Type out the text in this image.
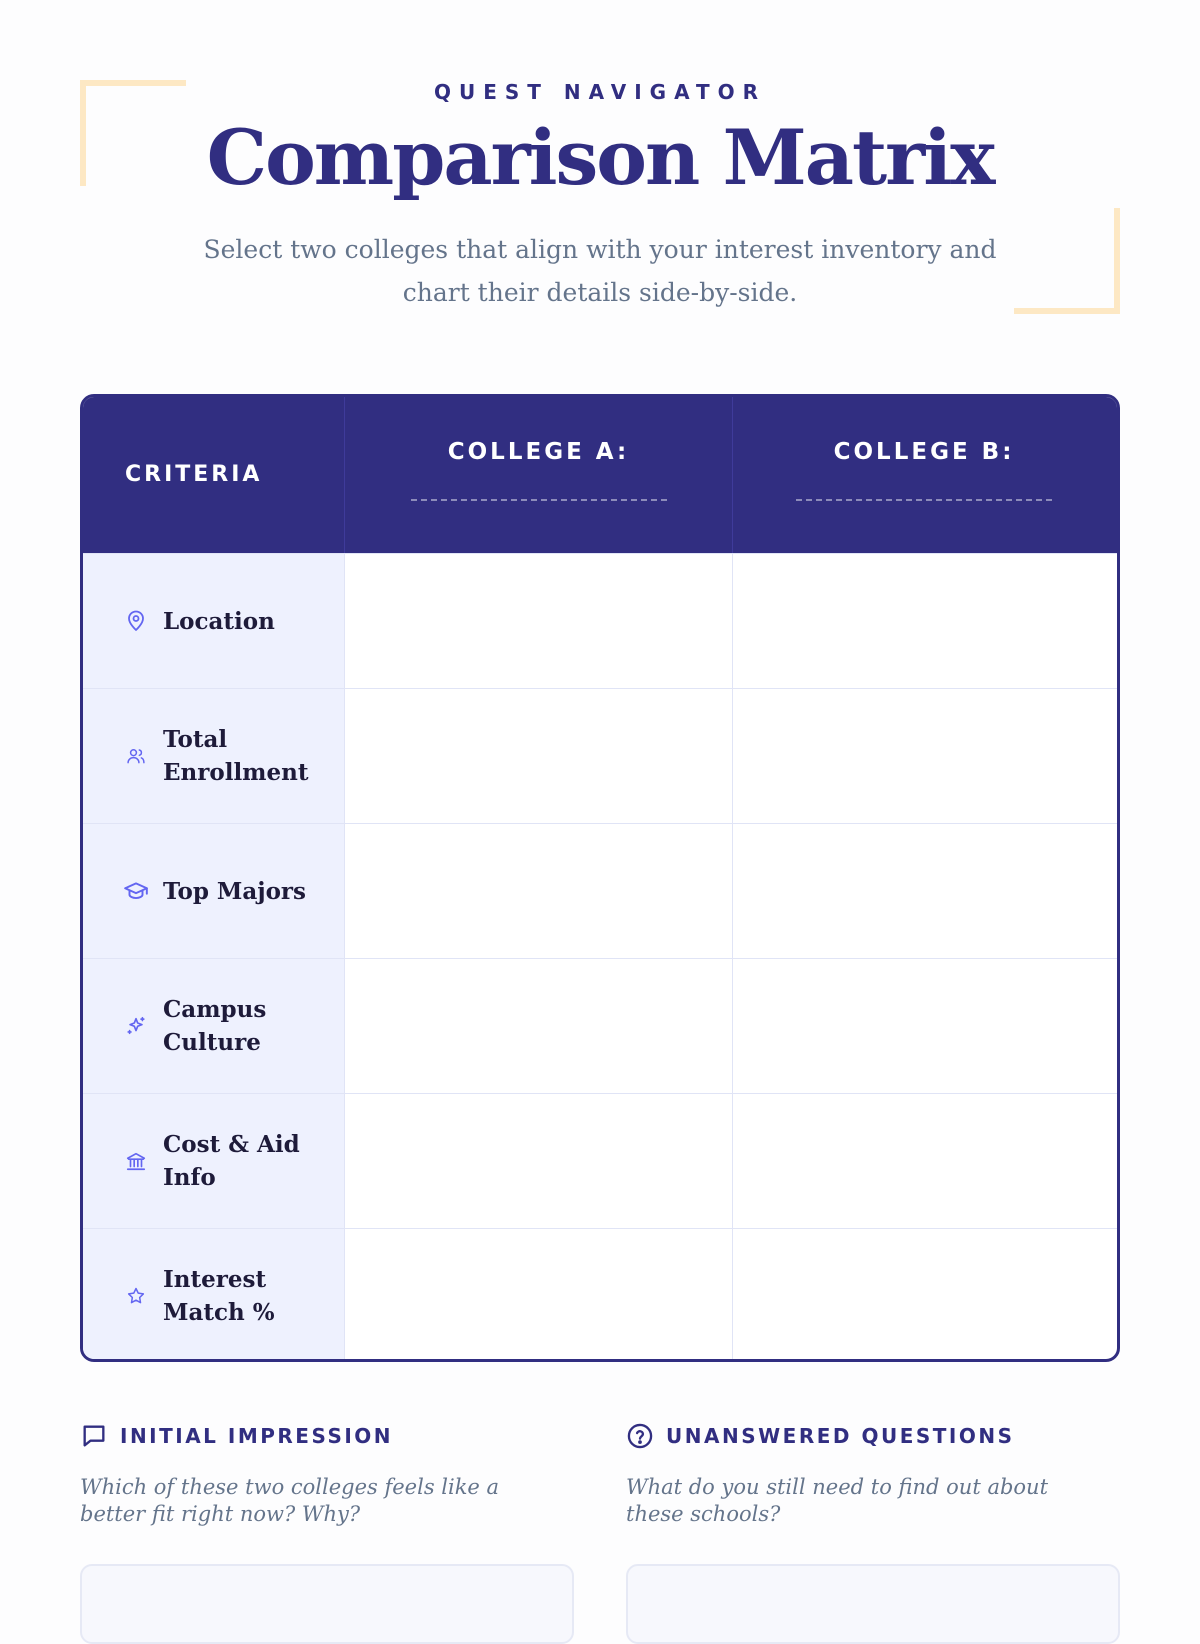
QUEST NAVIGATOR
Comparison Matrix
Select two colleges that align with your interest inventory and chart their details side-by-side.
CRITERIA
COLLEGE A:	COLLEGE B:
Location
Total Enrollment
Top Majors
Campus Culture
Cost & Aid Info
Interest Match %
INITIAL IMPRESSION
Which of these two colleges feels like a better fit right now? Why?
UNANSWERED QUESTIONS
What do you still need to find out about these schools?
